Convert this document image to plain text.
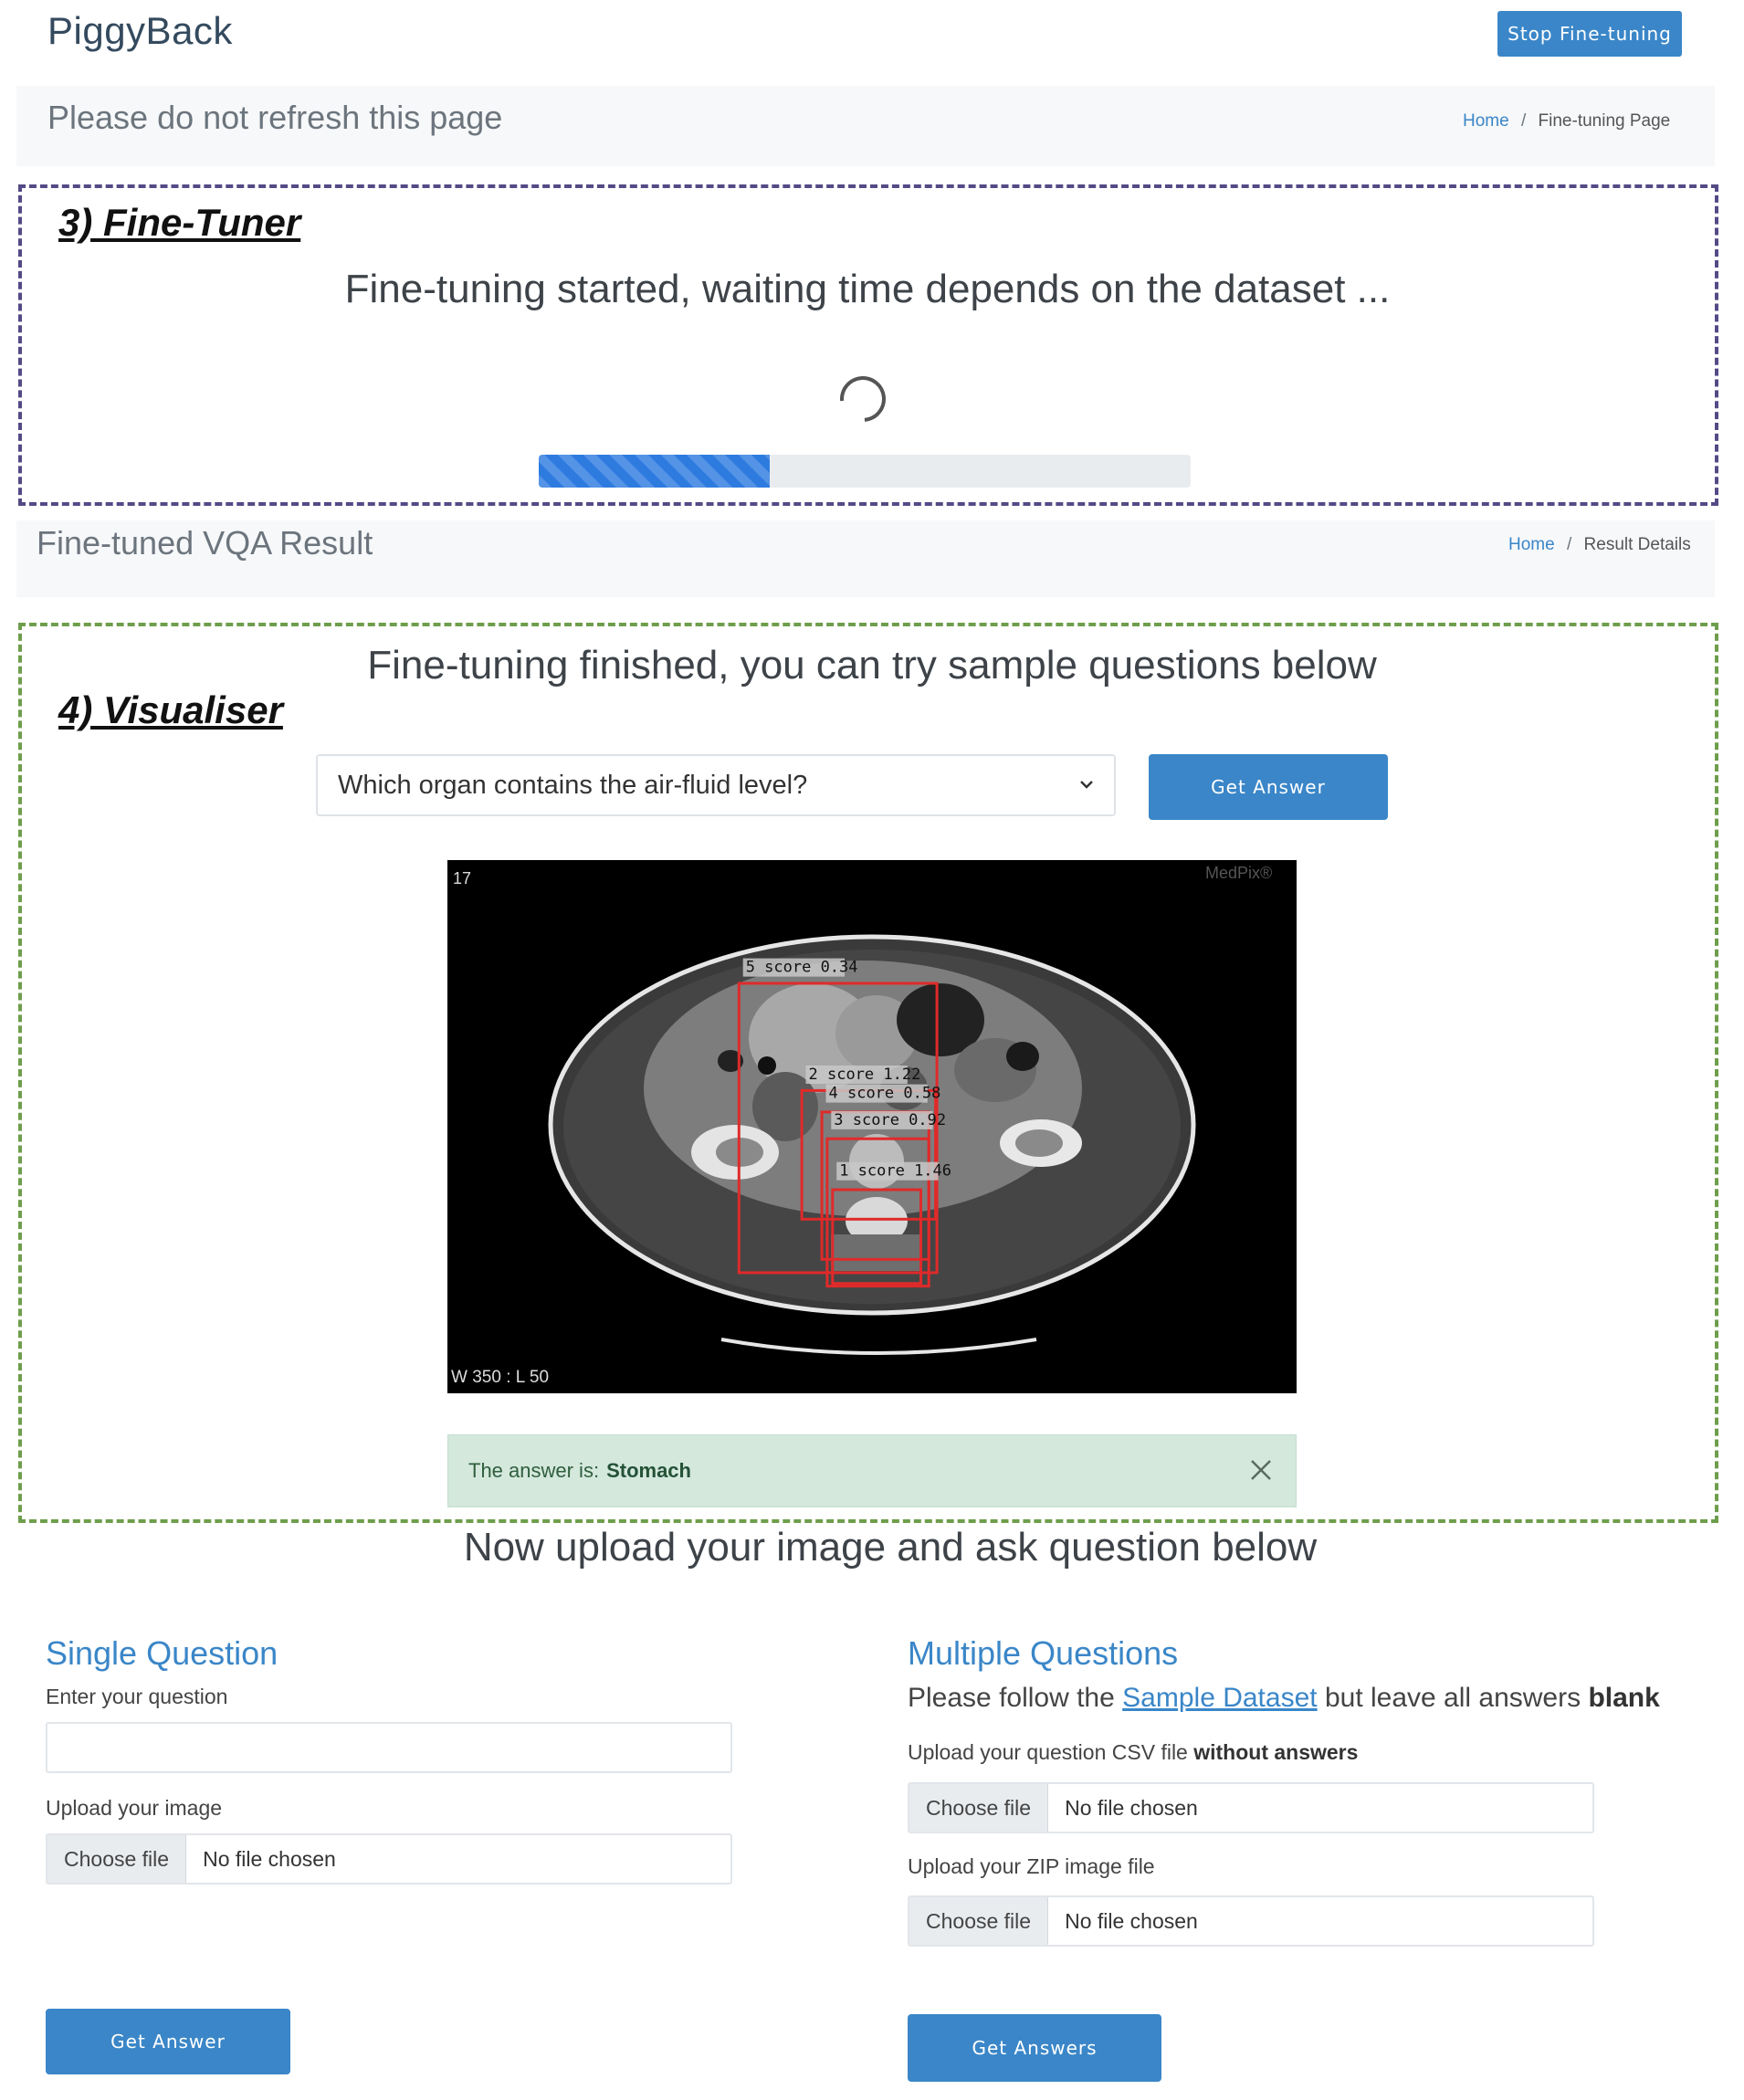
PiggyBack	Stop Fine-tuning
Please do not refresh this page	Home / Fine-tuning Page
3) Fine-Tuner
Fine-tuning started, waiting time depends on the dataset ...
Fine-tuned VQA Result	Home / Result Details
Fine-tuning finished, you can try sample questions below
4) Visualiser
Which organ contains the air-fluid level?	Get Answer
17	MedPix®
W 350 : L 50
5 score 0.34
2 score 1.22
4 score 0.58
3 score 0.92
1 score 1.46
The answer is: Stomach
Now upload your image and ask question below
Single Question
Enter your question
Upload your image
Choose file	No file chosen
Get Answer
Multiple Questions
Please follow the Sample Dataset but leave all answers blank
Upload your question CSV file without answers
Choose file	No file chosen
Upload your ZIP image file
Choose file	No file chosen
Get Answers
